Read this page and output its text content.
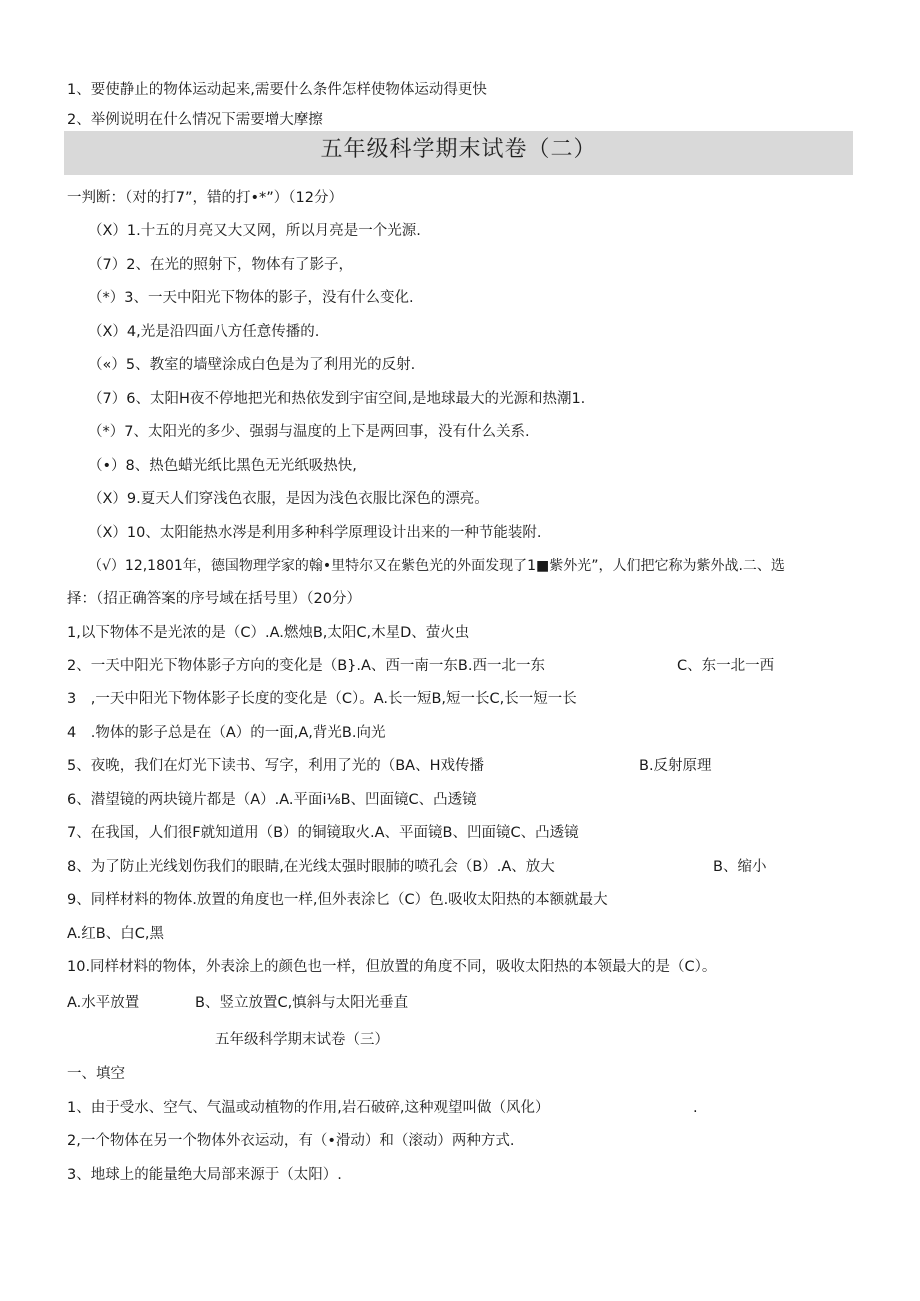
1、要使静止的物体运动起来,需要什么条件怎样使物体运动得更快
2、举例说明在什么情况下需要增大摩擦
五年级科学期末试卷（二）
一判断：（对的打7”，错的打•*”）（12分）
（X）1.十五的月亮又大又网，所以月亮是一个光源.
（7）2、在光的照射下，物体有了影子，
（*）3、一天中阳光下物体的影子，没有什么变化.
（X）4,光是沿四面八方任意传播的.
（«）5、教室的墙壁涂成白色是为了利用光的反射.
（7）6、太阳H夜不停地把光和热依发到宇宙空间,是地球最大的光源和热潮1.
（*）7、太阳光的多少、强弱与温度的上下是两回事，没有什么关系.
（•）8、热色蜡光纸比黑色无光纸吸热快,
（X）9.夏天人们穿浅色衣服，是因为浅色衣服比深色的漂亮。
（X）10、太阳能热水涔是利用多种科学原理设计出来的一种节能装附.
（√）12,1801年，德国物理学家的翰•里特尔又在紫色光的外面发现了1■紫外光”，人们把它称为紫外战.二、选
择：（招正确答案的序号域在括号里）（20分）
1,以下物体不是光浓的是（C）.A.燃烛B,太阳C,木星D、萤火虫
2、一天中阳光下物体影子方向的变化是（B}.A、西一南一东B.西一北一东	C、东一北一西
3　,一天中阳光下物体影子长度的变化是（C）。A.长一短B,短一长C,长一短一长
4　.物体的影子总是在（A）的一面,A,背光B.向光
5、夜晚，我们在灯光下读书、写字，利用了光的（BA、H戏传播	B.反射原理
6、潜望镜的两块镜片都是（A）.A.平面i⅛B、凹面镜C、凸透镜
7、在我国，人们很F就知道用（B）的铜镜取火.A、平面镜B、凹面镜C、凸透镜
8、为了防止光线划伤我们的眼睛,在光线太强时眼肺的喷孔会（B）.A、放大	B、缩小
9、同样材料的物体.放置的角度也一样,但外表涂匕（C）色.吸收太阳热的本额就最大
A.红B、白C,黑
10.同样材料的物体，外表涂上的颜色也一样，但放置的角度不同，吸收太阳热的本领最大的是（C）。
A.水平放置	B、竖立放置C,慎斜与太阳光垂直
五年级科学期末试卷（三）
一、填空
1、由于受水、空气、气温或动植物的作用,岩石破碎,这种观望叫做（风化）	.
2,一个物体在另一个物体外衣运动，有（•滑动）和（滚动）两种方式.
3、地球上的能量绝大局部来源于（太阳）.
